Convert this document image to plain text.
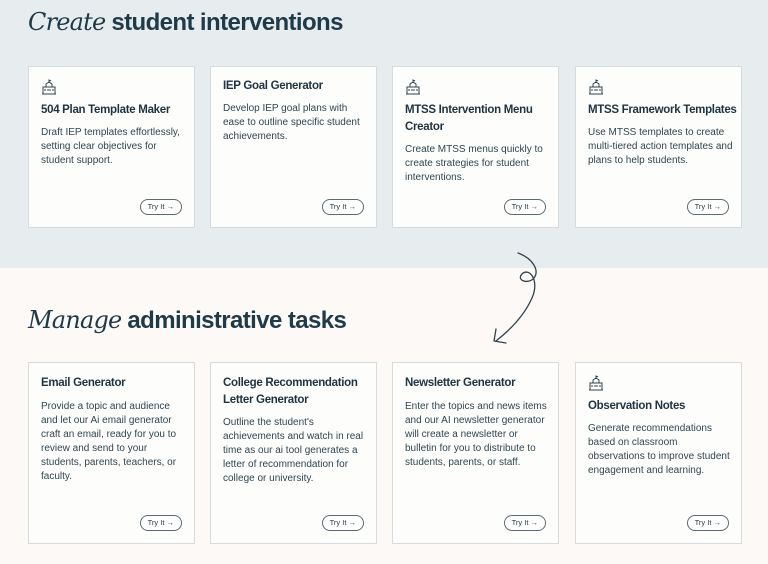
Create student interventions
Manage administrative tasks
504 Plan Template Maker
Draft IEP templates effortlessly, setting clear objectives for student support.
Try It →
IEP Goal Generator
Develop IEP goal plans with ease to outline specific student achievements.
Try It →
MTSS Intervention Menu Creator
Create MTSS menus quickly to create strategies for student interventions.
Try It →
MTSS Framework Templates
Use MTSS templates to create multi-tiered action templates and plans to help students.
Try It →
Email Generator
Provide a topic and audience and let our Ai email generator craft an email, ready for you to review and send to your students, parents, teachers, or faculty.
Try It →
College Recommendation Letter Generator
Outline the student's achievements and watch in real time as our ai tool generates a letter of recommendation for college or university.
Try It →
Newsletter Generator
Enter the topics and news items and our AI newsletter generator will create a newsletter or bulletin for you to distribute to students, parents, or staff.
Try It →
Observation Notes
Generate recommendations based on classroom observations to improve student engagement and learning.
Try It →
